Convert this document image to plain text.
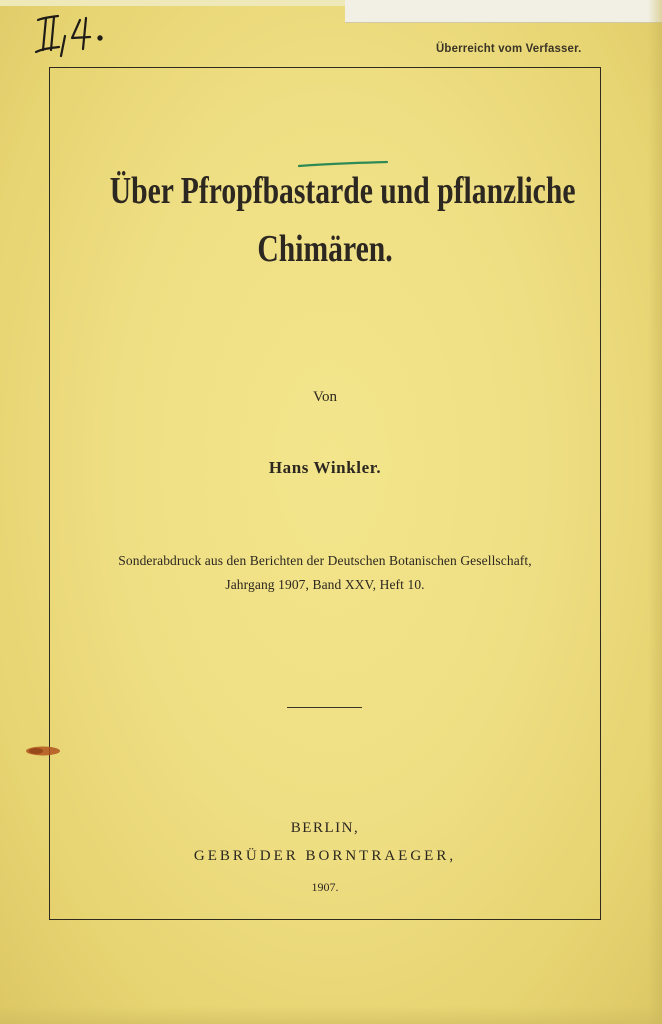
Überreicht vom Verfasser.
Über Pfropfbastarde und pflanzliche
Chimären.
Von
Hans Winkler.
Sonderabdruck aus den Berichten der Deutschen Botanischen Gesellschaft,
Jahrgang 1907, Band XXV, Heft 10.
BERLIN,
GEBRÜDER BORNTRAEGER,
1907.
